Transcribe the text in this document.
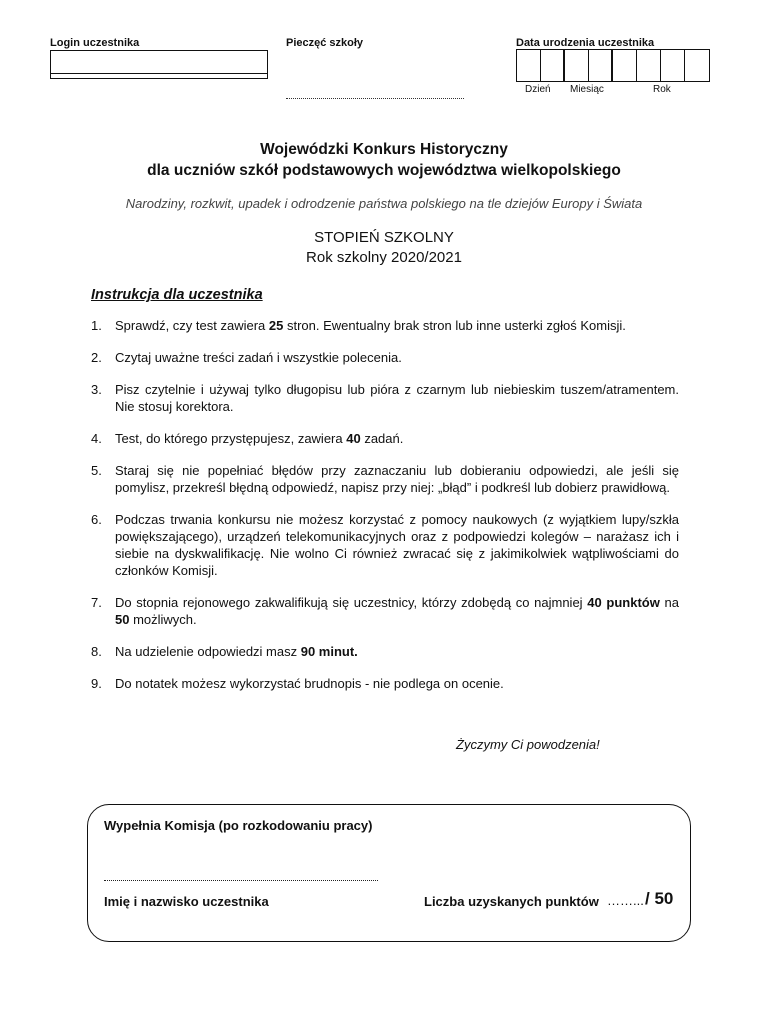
Login uczestnika	Pieczęć szkoły	Data urodzenia uczestnika
Dzień Miesiąc	Rok
Wojewódzki Konkurs Historyczny
dla uczniów szkół podstawowych województwa wielkopolskiego
Narodziny, rozkwit, upadek i odrodzenie państwa polskiego na tle dziejów Europy i Świata
STOPIEŃ SZKOLNY
Rok szkolny 2020/2021
Instrukcja dla uczestnika
1.	Sprawdź, czy test zawiera 25 stron. Ewentualny brak stron lub inne usterki zgłoś Komisji.
2.	Czytaj uważne treści zadań i wszystkie polecenia.
3.	Pisz czytelnie i używaj tylko długopisu lub pióra z czarnym lub niebieskim tuszem/atramentem. Nie stosuj korektora.
4.	Test, do którego przystępujesz, zawiera 40 zadań.
5.	Staraj się nie popełniać błędów przy zaznaczaniu lub dobieraniu odpowiedzi, ale jeśli się pomylisz, przekreśl błędną odpowiedź, napisz przy niej: „błąd” i podkreśl lub dobierz prawidłową.
6.	Podczas trwania konkursu nie możesz korzystać z pomocy naukowych (z wyjątkiem lupy/szkła powiększającego), urządzeń telekomunikacyjnych oraz z podpowiedzi kolegów – narażasz ich i siebie na dyskwalifikację. Nie wolno Ci również zwracać się z jakimikolwiek wątpliwościami do członków Komisji.
7.	Do stopnia rejonowego zakwalifikują się uczestnicy, którzy zdobędą co najmniej 40 punktów na 50 możliwych.
8.	Na udzielenie odpowiedzi masz 90 minut.
9.	Do notatek możesz wykorzystać brudnopis - nie podlega on ocenie.
Życzymy Ci powodzenia!
Wypełnia Komisja (po rozkodowaniu pracy)
Imię i nazwisko uczestnika	Liczba uzyskanych punktów ……... / 50
